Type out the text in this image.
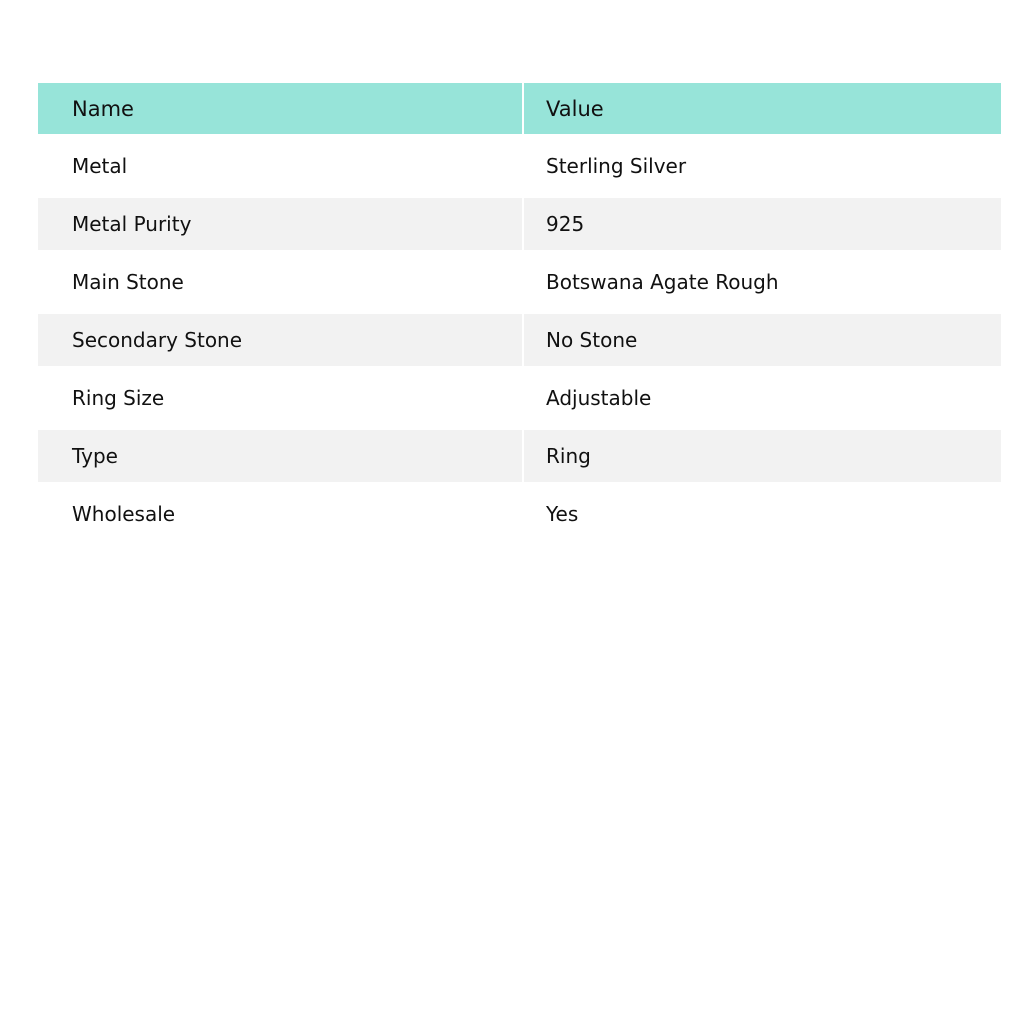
Name	Value
Metal	Sterling Silver
Metal Purity	925
Main Stone	Botswana Agate Rough
Secondary Stone	No Stone
Ring Size	Adjustable
Type	Ring
Wholesale	Yes
